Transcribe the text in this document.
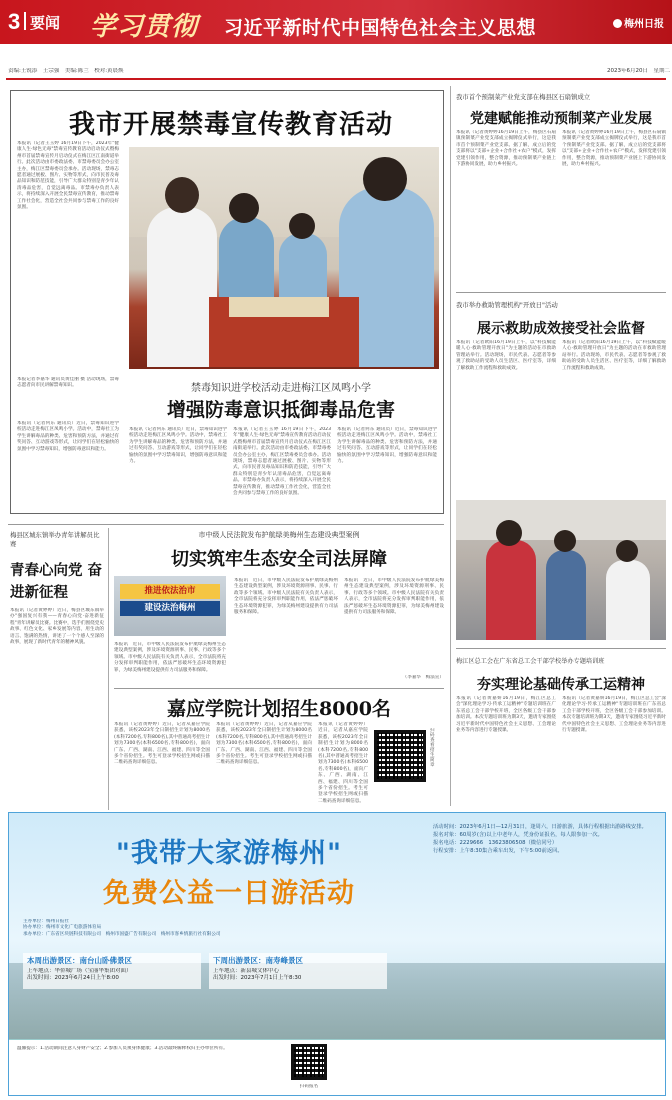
3 要闻 学习贯彻 习近平新时代中国特色社会主义思想	梅州日报
责编:王锐添　王宗强　美编:陈兰　校对:黄晨焕	2023年6月20日　星期二
我市开展禁毒宣传教育活动
本报讯（记者王玉婷 16月19日下午，2023年"健康人生·绿色无毒"禁毒宣传教育活动启动仪式暨梅州市首届禁毒宣传月启动仪式在梅江区江南街道举行。此次活动由市委政法委、市禁毒委员会办公室主办，梅江区禁毒委员会承办。活动现场，禁毒志愿者通过展板、图片、实物等形式，向市民普及毒品知识和防范技能，引导广大群众特别是青少年认清毒品危害，自觉远离毒品。市禁毒办负责人表示，将持续深入开展全民禁毒宣传教育，推动禁毒工作社会化，营造全社会共同参与禁毒工作的良好氛围。
本报记者李嘉华 通讯员黄佳丽 摄 活动现场，禁毒志愿者向市民讲解禁毒知识。	禁毒知识进学校活动走进梅江区凤鸣小学
增强防毒意识抵御毒品危害
本报讯（记者何东 通讯员）近日，禁毒知识进学校活动走进梅江区凤鸣小学。活动中，禁毒社工为学生讲解毒品的种类、危害和预防方法，并通过有奖问答、互动游戏等形式，让同学们在轻松愉快的氛围中学习禁毒知识，增强防毒意识和能力。
本报讯（记者何东 通讯员）近日，禁毒知识进学校活动走进梅江区凤鸣小学。活动中，禁毒社工为学生讲解毒品的种类、危害和预防方法，并通过有奖问答、互动游戏等形式，让同学们在轻松愉快的氛围中学习禁毒知识，增强防毒意识和能力。
本报讯（记者王玉婷 16月19日下午，2023年"健康人生·绿色无毒"禁毒宣传教育活动启动仪式暨梅州市首届禁毒宣传月启动仪式在梅江区江南街道举行。此次活动由市委政法委、市禁毒委员会办公室主办，梅江区禁毒委员会承办。活动现场，禁毒志愿者通过展板、图片、实物等形式，向市民普及毒品知识和防范技能，引导广大群众特别是青少年认清毒品危害，自觉远离毒品。市禁毒办负责人表示，将持续深入开展全民禁毒宣传教育，推动禁毒工作社会化，营造全社会共同参与禁毒工作的良好氛围。
本报讯（记者何东 通讯员）近日，禁毒知识进学校活动走进梅江区凤鸣小学。活动中，禁毒社工为学生讲解毒品的种类、危害和预防方法，并通过有奖问答、互动游戏等形式，让同学们在轻松愉快的氛围中学习禁毒知识，增强防毒意识和能力。
我市首个预制菜产业党支部在梅县区石扇镇成立
党建赋能推动预制菜产业发展
本报讯（记者黄婷婷16月19日上午，梅县区石扇镇预制菜产业党支部成立揭牌仪式举行，这是我市首个预制菜产业党支部。据了解，成立后的党支部将以"支部+企业+合作社+农户"模式，发挥党建引领作用，整合资源，推动预制菜产业链上下游协同发展，助力乡村振兴。
本报讯（记者黄婷婷16月19日上午，梅县区石扇镇预制菜产业党支部成立揭牌仪式举行，这是我市首个预制菜产业党支部。据了解，成立后的党支部将以"支部+企业+合作社+农户"模式，发挥党建引领作用，整合资源，推动预制菜产业链上下游协同发展，助力乡村振兴。
我市举办救助管理机构"开放日"活动
展示救助成效接受社会监督
本报讯（记者欧阳16月19日上午，以"科技赋能暖人心·救助管理开放日"为主题的活动在市救助管理站举行。活动现场，市民代表、志愿者等参观了救助站的受助人员生活区、医疗室等，详细了解救助工作流程和救助成效。
本报讯（记者欧阳16月19日上午，以"科技赋能暖人心·救助管理开放日"为主题的活动在市救助管理站举行。活动现场，市民代表、志愿者等参观了救助站的受助人员生活区、医疗室等，详细了解救助工作流程和救助成效。
梅江区总工会在广东省总工会干部学校举办专题培训班
夯实理论基础传承工运精神
本报讯（记者黄嘉妍16月19日，梅江区总工会"深化理论学习·传承工运精神"专题培训班在广东省总工会干部学校开班，全区各级工会干部参加培训。本次专题培训班为期3天，邀请专家围绕习近平新时代中国特色社会主义思想、工会理论业务等内容进行专题授课。
本报讯（记者黄嘉妍16月19日，梅江区总工会"深化理论学习·传承工运精神"专题培训班在广东省总工会干部学校开班，全区各级工会干部参加培训。本次专题培训班为期3天，邀请专家围绕习近平新时代中国特色社会主义思想、工会理论业务等内容进行专题授课。
梅县区城东镇举办青年讲解员比赛
青春心向党 奋进新征程
本报讯（记者黄婷婷）近日，梅县区城东镇举办"强国复兴有我——青春心向党·奋进新征程"青年讲解员比赛。比赛中，选手们围绕党史故事、红色文化、家乡发展等内容，用生动的语言、饱满的热情，讲述了一个个感人至深的故事，展现了新时代青年的精神风貌。
市中级人民法院发布护航绿美梅州生态建设典型案例
切实筑牢生态安全司法屏障
推进依法治市
建设法治梅州
本报讯　近日，市中级人民法院发布护航绿美梅州生态建设典型案例，涉及环境资源刑事、民事、行政等多个领域。市中级人民法院有关负责人表示，全市法院将充分发挥审判职能作用，依法严惩破坏生态环境资源犯罪，为绿美梅州建设提供有力司法服务和保障。
本报讯　近日，市中级人民法院发布护航绿美梅州生态建设典型案例，涉及环境资源刑事、民事、行政等多个领域。市中级人民法院有关负责人表示，全市法院将充分发挥审判职能作用，依法严惩破坏生态环境资源犯罪，为绿美梅州建设提供有力司法服务和保障。
本报讯　近日，市中级人民法院发布护航绿美梅州生态建设典型案例，涉及环境资源刑事、民事、行政等多个领域。市中级人民法院有关负责人表示，全市法院将充分发挥审判职能作用，依法严惩破坏生态环境资源犯罪，为绿美梅州建设提供有力司法服务和保障。
（李嘉华　梅法宣）
嘉应学院计划招生8000名
本报讯（记者黄婷婷）近日，记者从嘉应学院获悉，该校2023年全日制招生计划为8000名(本科7200名,专科800名),其中普通高考招生计划为7300名(本科6500名,专科800名)，面向广东、广西、湖南、江西、福建、四川等全国多个省份招生。考生可登录学校招生网或扫描二维码查询详细信息。
本报讯（记者黄婷婷）近日，记者从嘉应学院获悉，该校2023年全日制招生计划为8000名(本科7200名,专科800名),其中普通高考招生计划为7300名(本科6500名,专科800名)，面向广东、广西、湖南、江西、福建、四川等全国多个省份招生。考生可登录学校招生网或扫描二维码查询详细信息。
本报讯（记者黄婷婷）近日，记者从嘉应学院获悉，该校2023年全日制招生计划为8000名(本科7200名,专科800名),其中普通高考招生计划为7300名(本科6500名,专科800名)，面向广东、广西、湖南、江西、福建、四川等全国多个省份招生。考生可登录学校招生网或扫描二维码查询详细信息。
扫码查看招生简章
"我带大家游梅州"
免费公益一日游活动
主办单位：梅州日报社
协办单位：梅州市文化广电旅游体育局
承办单位：广东省区块链科技有限公司　梅州市国盛广告有限公司　梅州市客乡情旅行社有限公司
本周出游景区：南台山卧佛景区
上车地点：华侨城广场（宝丽华集团对面）
出发时间：2023年6月24日上午8:00
下周出游景区：南寿峰景区
上车地点：新县城文体中心
出发时间：2023年7月1日上午8:30
活动时间：2023年6月1日—12月31日，逢周六，日游旅游，具体行程根据出游路线安排。
报名对象：60周岁(含)以上中老年人，凭身份证报名，每人限参加一次。
报名电话：2229666　13623806508（微信同号）
行程安排：上午8:30集合乘车出发，下午5:00前返回。
温馨提示：1.活动期间注意人身财产安全；2.参加人员须身体健康；3.活动最终解释权归主办单位所有。
扫码报名
梅州日报
